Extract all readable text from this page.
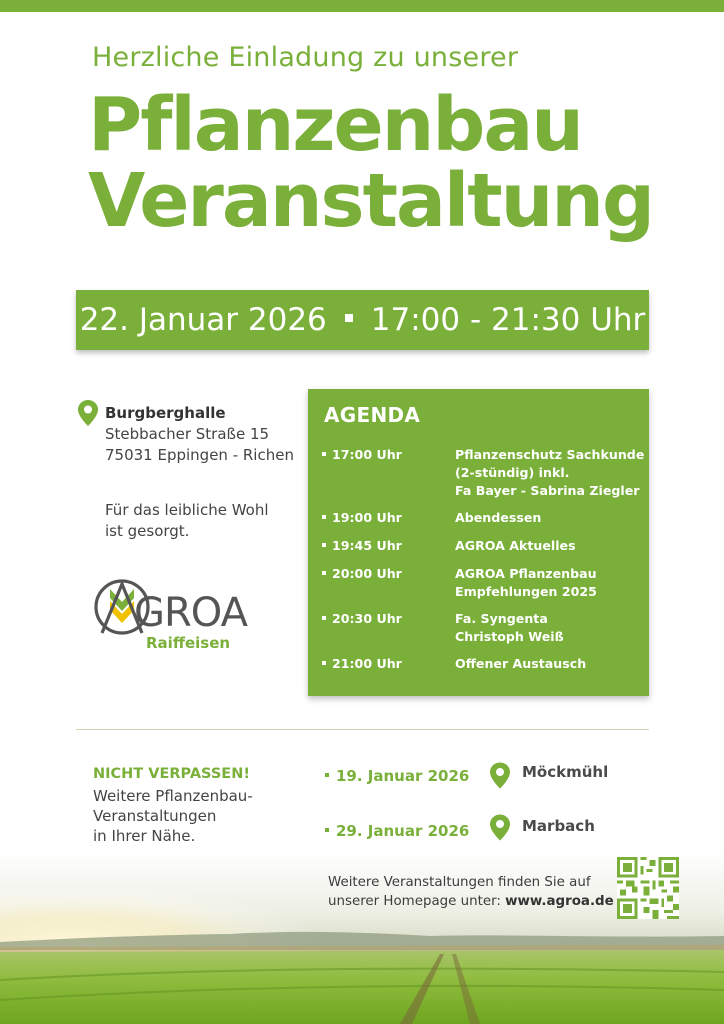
Herzliche Einladung zu unserer
Pflanzenbau
Veranstaltung
22. Januar 2026 17:00 - 21:30 Uhr
Burgberghalle
Stebbacher Straße 15
75031 Eppingen - Richen
Für das leibliche Wohl
ist gesorgt.
GROA
Raiffeisen
AGENDA
17:00 Uhr	Pflanzenschutz Sachkunde
(2-stündig) inkl.
Fa Bayer - Sabrina Ziegler
19:00 Uhr	Abendessen
19:45 Uhr	AGROA Aktuelles
20:00 Uhr	AGROA Pflanzenbau
Empfehlungen 2025
20:30 Uhr	Fa. Syngenta
Christoph Weiß
21:00 Uhr	Offener Austausch
NICHT VERPASSEN!
Weitere Pflanzenbau-
Veranstaltungen
in Ihrer Nähe.
19. Januar 2026	Möckmühl
29. Januar 2026	Marbach
Weitere Veranstaltungen finden Sie auf
unserer Homepage unter: www.agroa.de
